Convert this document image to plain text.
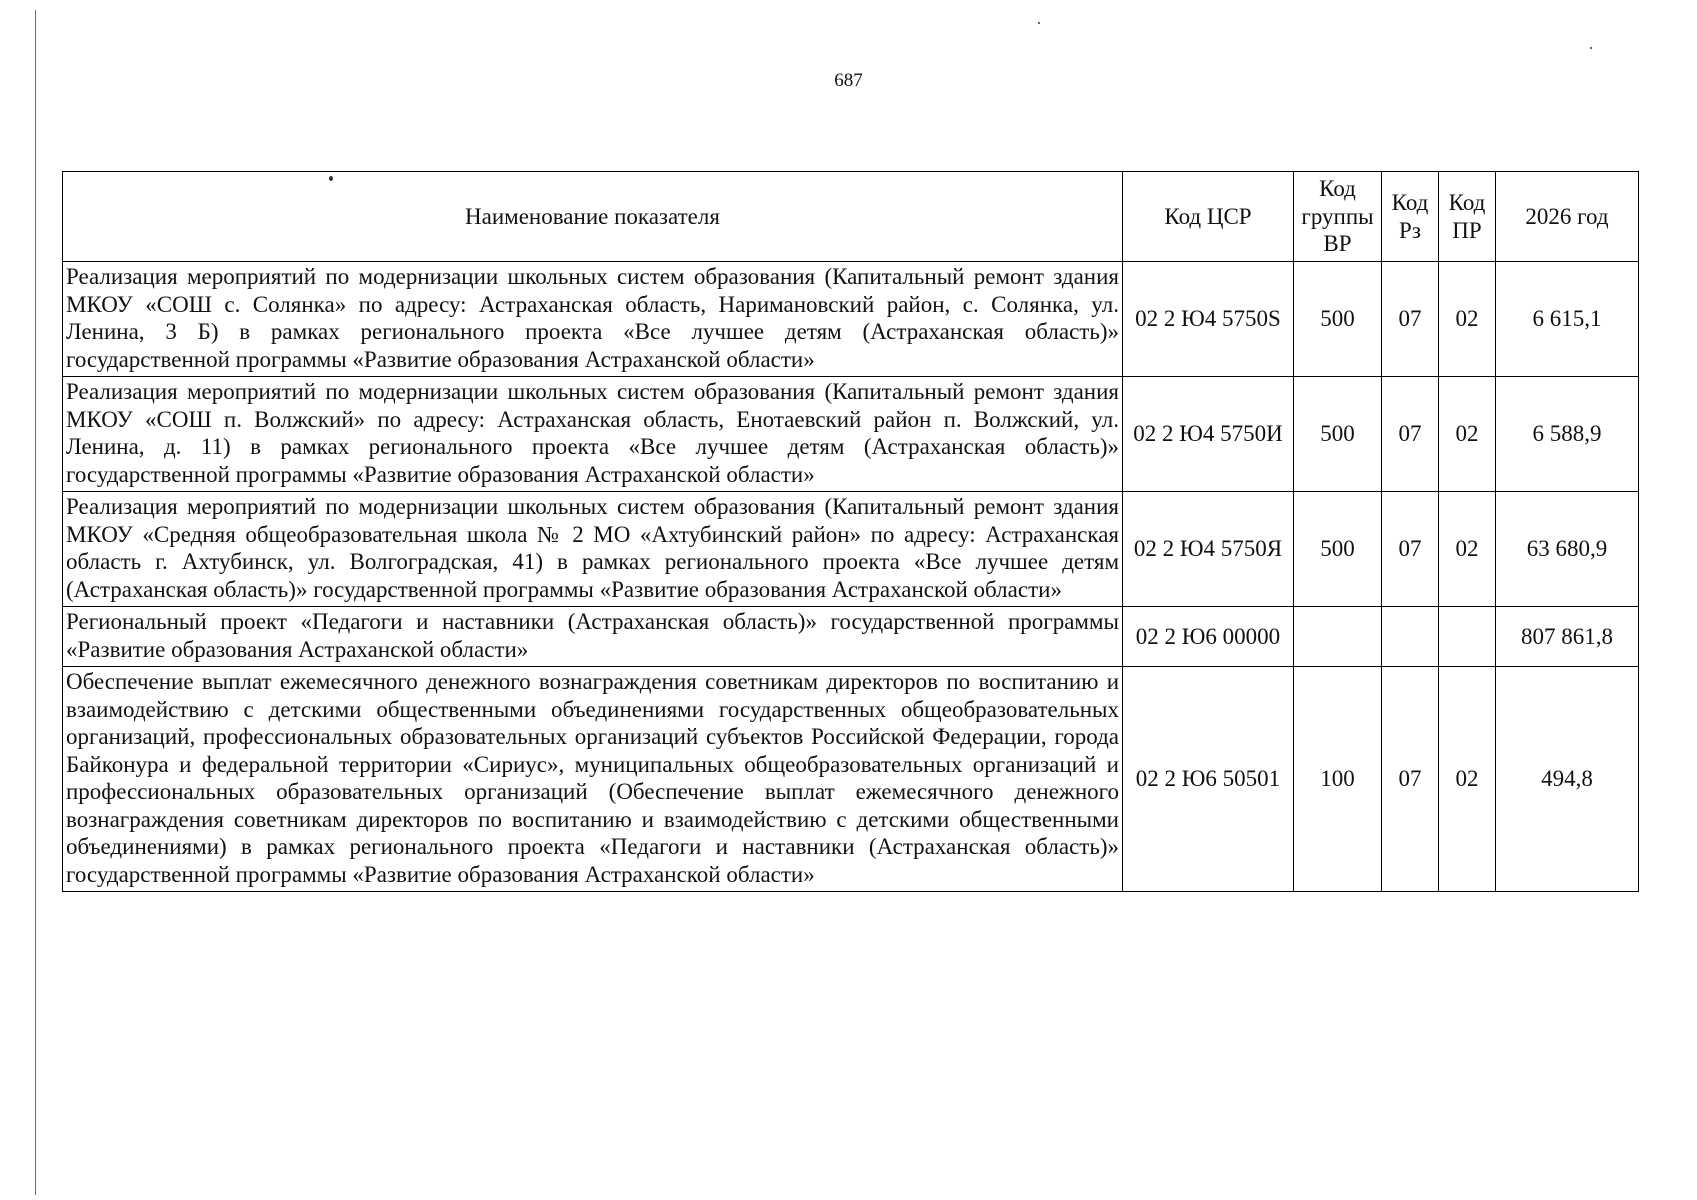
687
Наименование показателя	Код ЦСР	Код группы ВР	Код Рз	Код ПР	2026 год
Реализация мероприятий по модернизации школьных систем образования (Капитальный ремонт здания МКОУ «СОШ с. Солянка» по адресу: Астраханская область, Наримановский район, с. Солянка, ул. Ленина, 3 Б) в рамках регионального проекта «Все лучшее детям (Астраханская область)» государственной программы «Развитие образования Астраханской области»	02 2 Ю4 5750S	500	07	02	6 615,1
Реализация мероприятий по модернизации школьных систем образования (Капитальный ремонт здания МКОУ «СОШ п. Волжский» по адресу: Астраханская область, Енотаевский район п. Волжский, ул. Ленина, д. 11) в рамках регионального проекта «Все лучшее детям (Астраханская область)» государственной программы «Развитие образования Астраханской области»	02 2 Ю4 5750И	500	07	02	6 588,9
Реализация мероприятий по модернизации школьных систем образования (Капитальный ремонт здания МКОУ «Средняя общеобразовательная школа № 2 МО «Ахтубинский район» по адресу: Астраханская область г. Ахтубинск, ул. Волгоградская, 41) в рамках регионального проекта «Все лучшее детям (Астраханская область)» государственной программы «Развитие образования Астраханской области»	02 2 Ю4 5750Я	500	07	02	63 680,9
Региональный проект «Педагоги и наставники (Астраханская область)» государственной программы «Развитие образования Астраханской области»	02 2 Ю6 00000				807 861,8
Обеспечение выплат ежемесячного денежного вознаграждения советникам директоров по воспитанию и взаимодействию с детскими общественными объединениями государственных общеобразовательных организаций, профессиональных образовательных организаций субъектов Российской Федерации, города Байконура и федеральной территории «Сириус», муниципальных общеобразовательных организаций и профессиональных образовательных организаций (Обеспечение выплат ежемесячного денежного вознаграждения советникам директоров по воспитанию и взаимодействию с детскими общественными объединениями) в рамках регионального проекта «Педагоги и наставники (Астраханская область)» государственной программы «Развитие образования Астраханской области»	02 2 Ю6 50501	100	07	02	494,8
